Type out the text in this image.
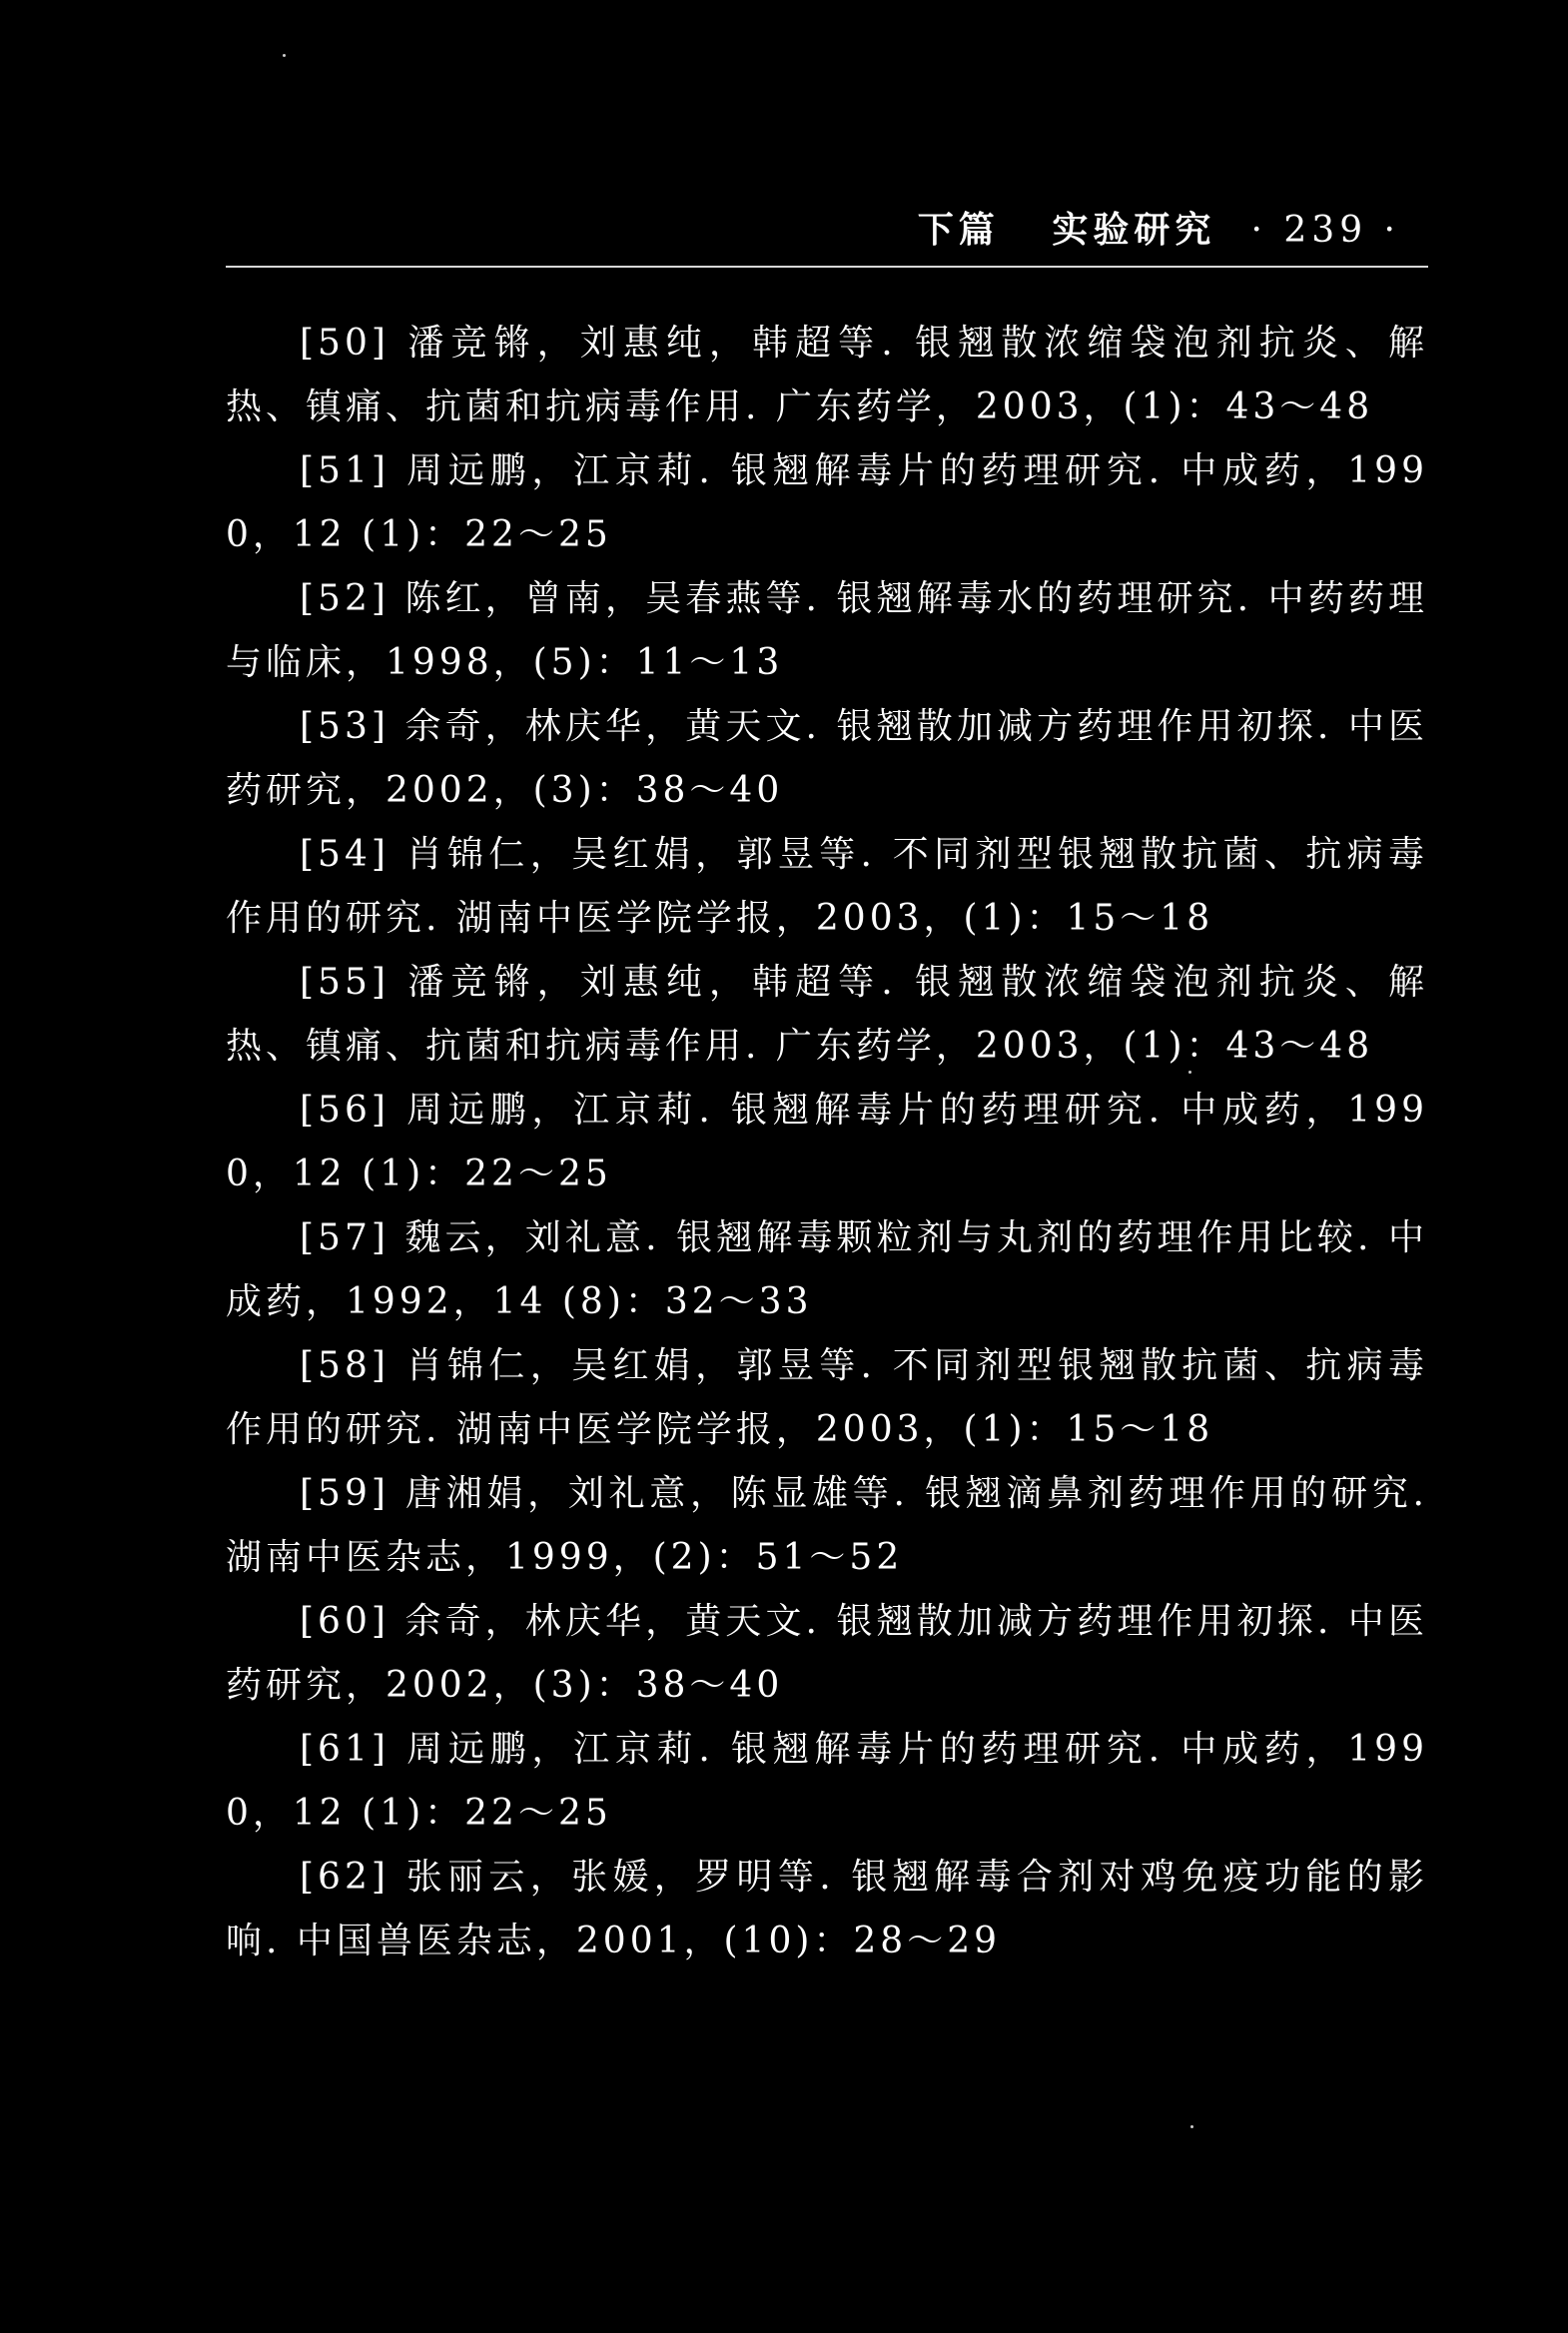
下篇 实验研究 · 239 ·

[50] 潘竞锵，刘惠纯，韩超等. 银翘散浓缩袋泡剂抗炎、解热、镇痛、抗菌和抗病毒作用. 广东药学，2003，(1)：43～48

[51] 周远鹏，江京莉. 银翘解毒片的药理研究. 中成药，1990，12 (1)：22～25

[52] 陈红，曾南，吴春燕等. 银翘解毒水的药理研究. 中药药理与临床，1998，(5)：11～13

[53] 余奇，林庆华，黄天文. 银翘散加减方药理作用初探. 中医药研究，2002，(3)：38～40

[54] 肖锦仁，吴红娟，郭昱等. 不同剂型银翘散抗菌、抗病毒作用的研究. 湖南中医学院学报，2003，(1)：15～18

[55] 潘竞锵，刘惠纯，韩超等. 银翘散浓缩袋泡剂抗炎、解热、镇痛、抗菌和抗病毒作用. 广东药学，2003，(1)：43～48

[56] 周远鹏，江京莉. 银翘解毒片的药理研究. 中成药，1990，12 (1)：22～25

[57] 魏云，刘礼意. 银翘解毒颗粒剂与丸剂的药理作用比较. 中成药，1992，14 (8)：32～33

[58] 肖锦仁，吴红娟，郭昱等. 不同剂型银翘散抗菌、抗病毒作用的研究. 湖南中医学院学报，2003，(1)：15～18

[59] 唐湘娟，刘礼意，陈显雄等. 银翘滴鼻剂药理作用的研究. 湖南中医杂志，1999，(2)：51～52

[60] 余奇，林庆华，黄天文. 银翘散加减方药理作用初探. 中医药研究，2002，(3)：38～40

[61] 周远鹏，江京莉. 银翘解毒片的药理研究. 中成药，1990，12 (1)：22～25

[62] 张丽云，张媛，罗明等. 银翘解毒合剂对鸡免疫功能的影响. 中国兽医杂志，2001，(10)：28～29
